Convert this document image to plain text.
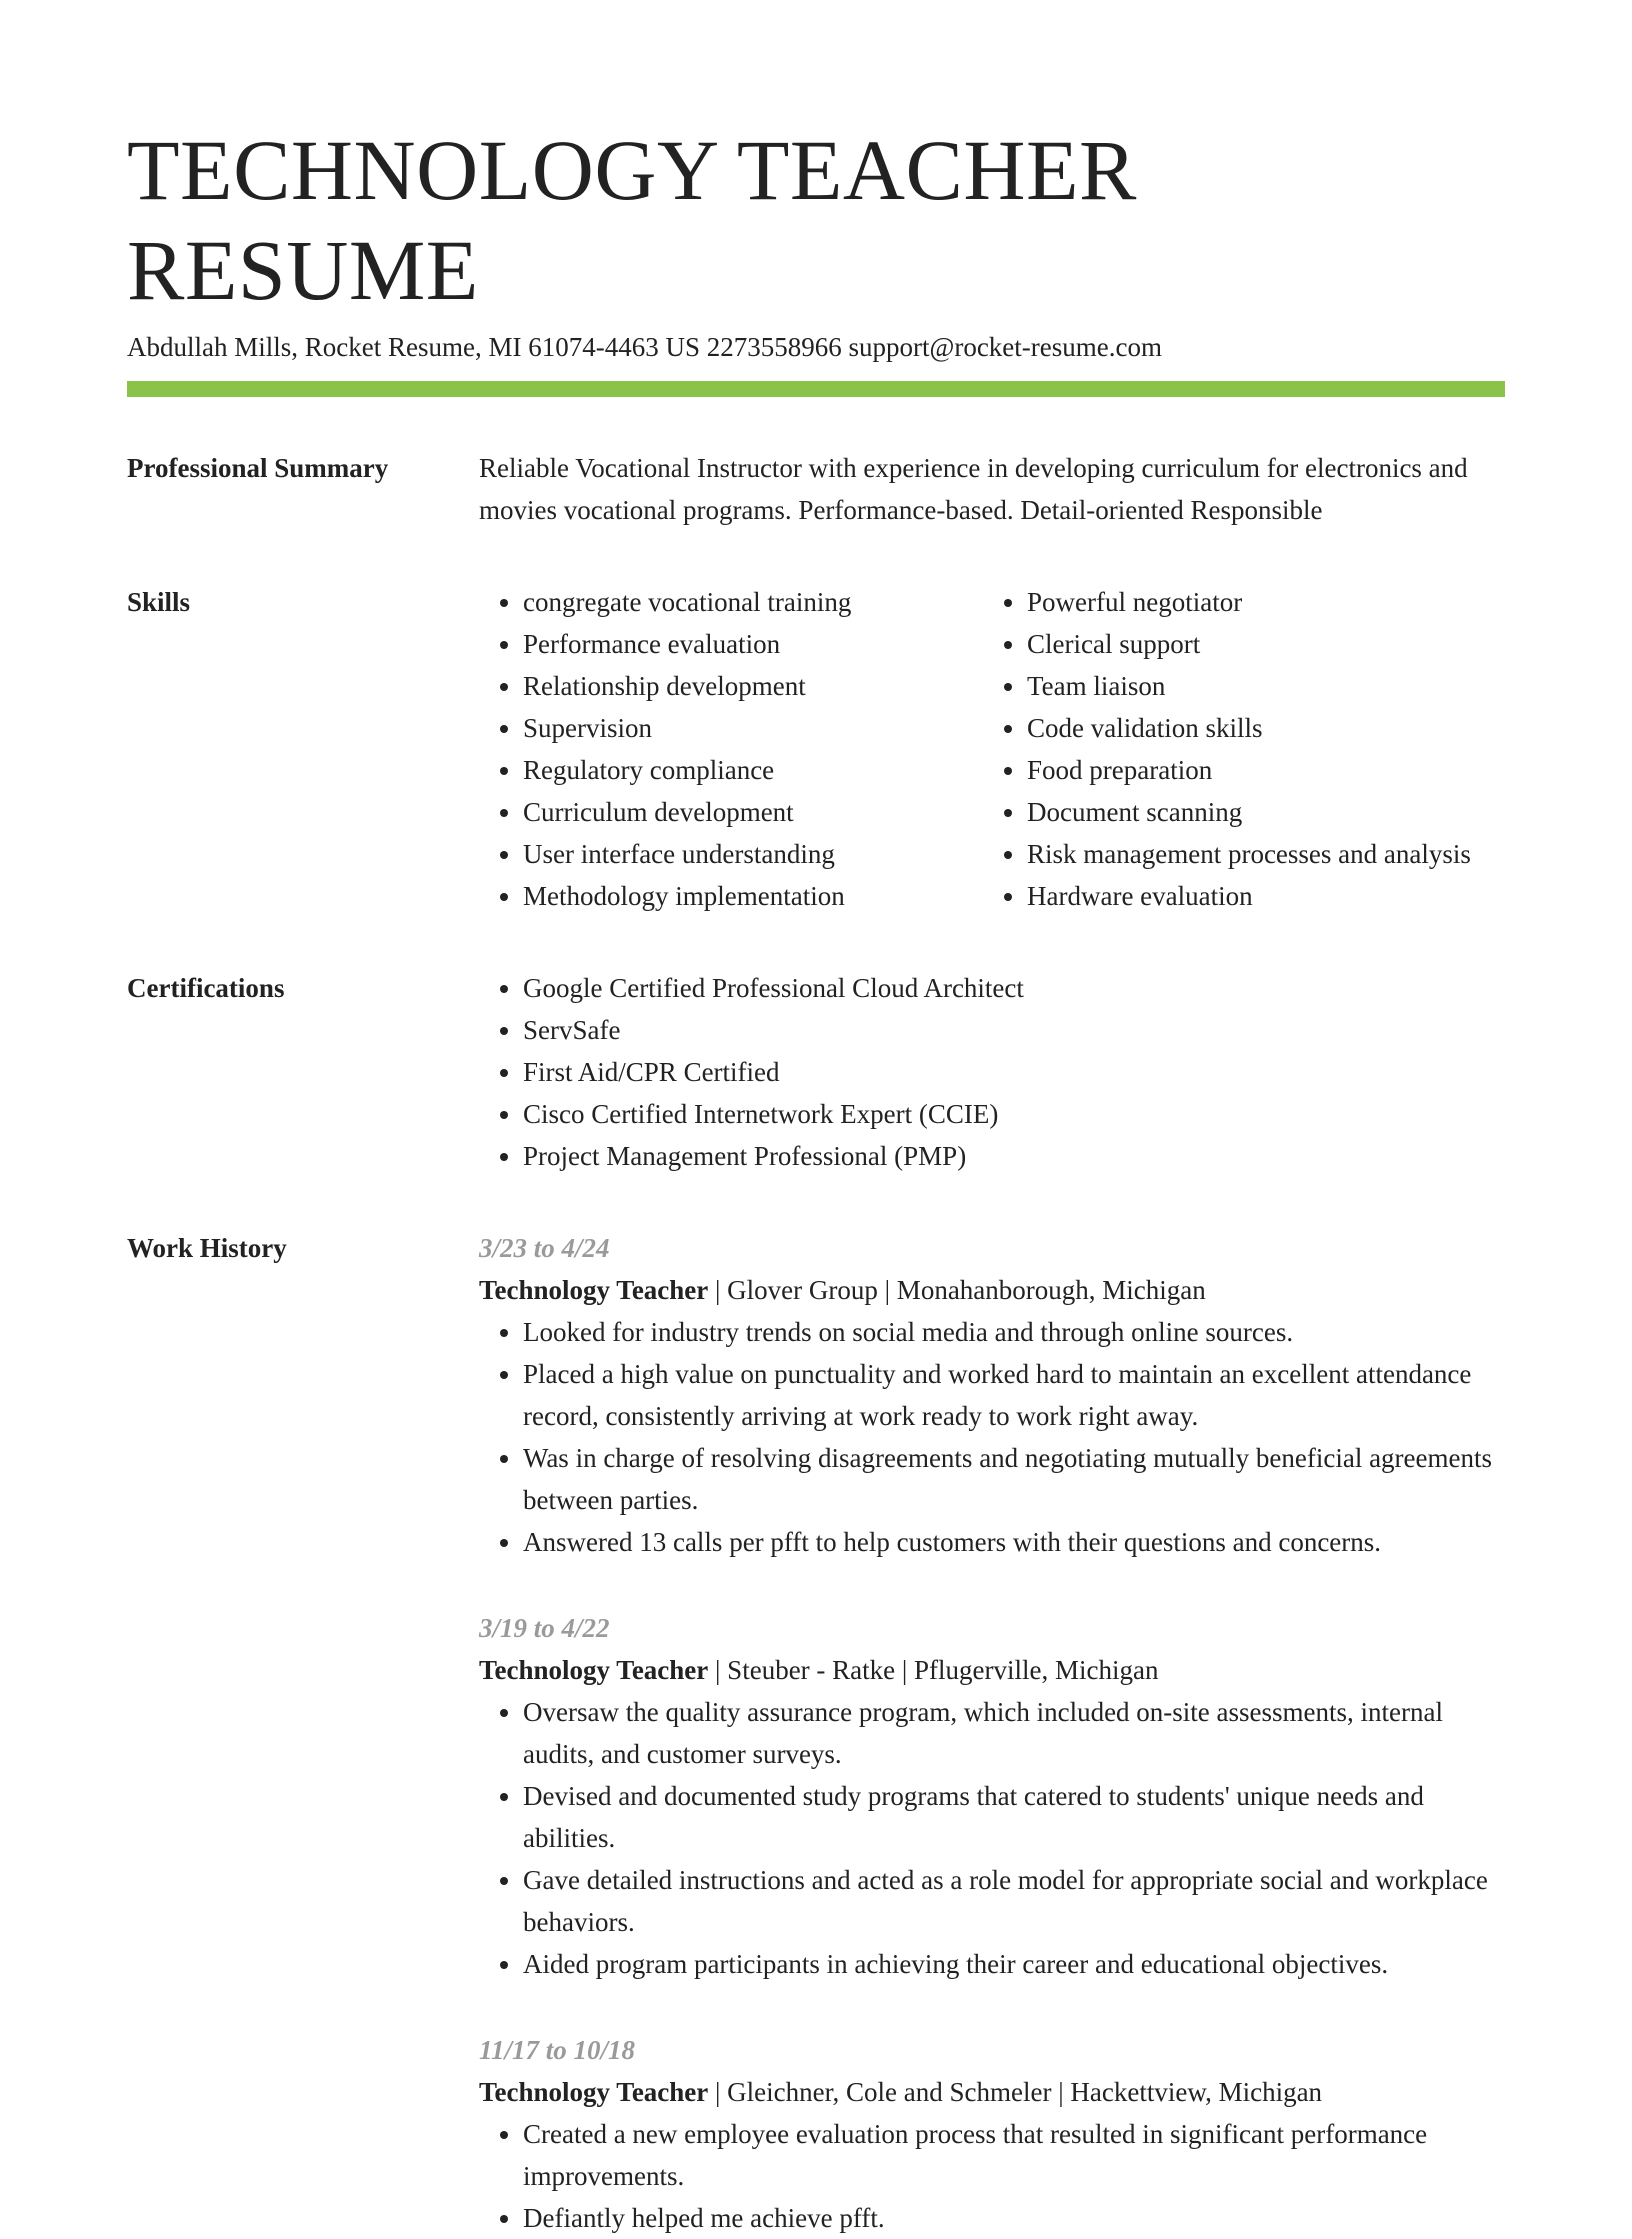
TECHNOLOGY TEACHER RESUME
Abdullah Mills, Rocket Resume, MI 61074-4463 US 2273558966 support@rocket-resume.com
Professional Summary	Reliable Vocational Instructor with experience in developing curriculum for electronics and movies vocational programs. Performance-based. Detail-oriented Responsible

Skills	• congregate vocational training
• Performance evaluation
• Relationship development
• Supervision
• Regulatory compliance
• Curriculum development
• User interface understanding
• Methodology implementation
• Powerful negotiator
• Clerical support
• Team liaison
• Code validation skills
• Food preparation
• Document scanning
• Risk management processes and analysis
• Hardware evaluation
Certifications	• Google Certified Professional Cloud Architect
• ServSafe
• First Aid/CPR Certified
• Cisco Certified Internetwork Expert (CCIE)
• Project Management Professional (PMP)
Work History	3/23 to 4/24
Technology Teacher | Glover Group | Monahanborough, Michigan
• Looked for industry trends on social media and through online sources.
• Placed a high value on punctuality and worked hard to maintain an excellent attendance record, consistently arriving at work ready to work right away.
• Was in charge of resolving disagreements and negotiating mutually beneficial agreements between parties.
• Answered 13 calls per pfft to help customers with their questions and concerns.
3/19 to 4/22
Technology Teacher | Steuber - Ratke | Pflugerville, Michigan
• Oversaw the quality assurance program, which included on-site assessments, internal audits, and customer surveys.
• Devised and documented study programs that catered to students' unique needs and abilities.
• Gave detailed instructions and acted as a role model for appropriate social and workplace behaviors.
• Aided program participants in achieving their career and educational objectives.
11/17 to 10/18
Technology Teacher | Gleichner, Cole and Schmeler | Hackettview, Michigan
• Created a new employee evaluation process that resulted in significant performance improvements.
• Defiantly helped me achieve pfft.
